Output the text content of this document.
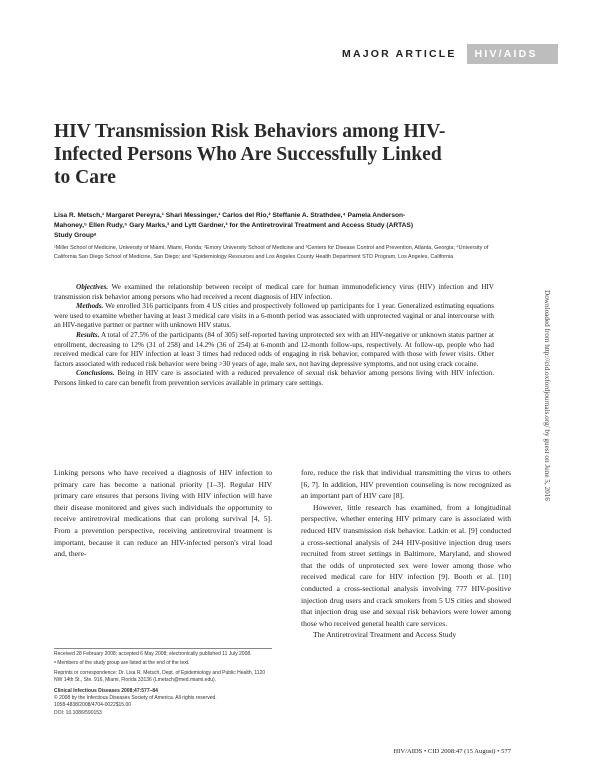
MAJOR ARTICLE	HIV/AIDS
HIV Transmission Risk Behaviors among HIV-Infected Persons Who Are Successfully Linked to Care
Lisa R. Metsch,¹ Margaret Pereyra,¹ Shari Messinger,¹ Carlos del Rio,² Steffanie A. Strathdee,⁴ Pamela Anderson-Mahoney,⁵ Ellen Rudy,⁵ Gary Marks,³ and Lytt Gardner,³ for the Antiretroviral Treatment and Access Study (ARTAS) Study Groupᵃ
¹Miller School of Medicine, University of Miami, Miami, Florida; ²Emory University School of Medicine and ³Centers for Disease Control and Prevention, Atlanta, Georgia; ⁴University of California San Diego School of Medicine, San Diego; and ⁵Epidemiology Resources and Los Angeles County Health Department STD Program, Los Angeles, California

Objectives. We examined the relationship between receipt of medical care for human immunodeficiency virus (HIV) infection and HIV transmission risk behavior among persons who had received a recent diagnosis of HIV infection.

Methods. We enrolled 316 participants from 4 US cities and prospectively followed up participants for 1 year. Generalized estimating equations were used to examine whether having at least 3 medical care visits in a 6-month period was associated with unprotected vaginal or anal intercourse with an HIV-negative partner or partner with unknown HIV status.

Results. A total of 27.5% of the participants (84 of 305) self-reported having unprotected sex with an HIV-negative or unknown status partner at enrollment, decreasing to 12% (31 of 258) and 14.2% (36 of 254) at 6-month and 12-month follow-ups, respectively. At follow-up, people who had received medical care for HIV infection at least 3 times had reduced odds of engaging in risk behavior, compared with those with fewer visits. Other factors associated with reduced risk behavior were being >30 years of age, male sex, not having depressive symptoms, and not using crack cocaine.

Conclusions. Being in HIV care is associated with a reduced prevalence of sexual risk behavior among persons living with HIV infection. Persons linked to care can benefit from prevention services available in primary care settings.

Linking persons who have received a diagnosis of HIV infection to primary care has become a national priority [1–3]. Regular HIV primary care ensures that persons living with HIV infection will have their disease monitored and gives such individuals the opportunity to receive antiretroviral medications that can prolong survival [4, 5]. From a prevention perspective, receiving antiretroviral treatment is important, because it can reduce an HIV-infected person's viral load and, there-

fore, reduce the risk that individual transmitting the virus to others [6, 7]. In addition, HIV prevention counseling is now recognized as an important part of HIV care [8].

However, little research has examined, from a longitudinal perspective, whether entering HIV primary care is associated with reduced HIV transmission risk behavior. Latkin et al. [9] conducted a cross-sectional analysis of 244 HIV-positive injection drug users recruited from street settings in Baltimore, Maryland, and showed that the odds of unprotected sex were lower among those who received medical care for HIV infection [9]. Booth et al. [10] conducted a cross-sectional analysis involving 777 HIV-positive injection drug users and crack smokers from 5 US cities and showed that injection drug use and sexual risk behaviors were lower among those who received general health care services.

The Antiretroviral Treatment and Access Study

Received 28 February 2008; accepted 6 May 2008; electronically published 11 July 2008.
ᵃ Members of the study group are listed at the end of the text.
Reprints or correspondence: Dr. Lisa R. Metsch, Dept. of Epidemiology and Public Health, 1120 NW 14th St., Ste. 916, Miami, Florida 33136 (Lmetsch@med.miami.edu).
Clinical Infectious Diseases 2008;47:577–84
© 2008 by the Infectious Diseases Society of America. All rights reserved.
1058-4838/2008/4704-0022$15.00
DOI: 10.1086/590153
Downloaded from http://cid.oxfordjournals.org/ by guest on June 5, 2016
HIV/AIDS • CID 2008:47 (15 August) • 577
